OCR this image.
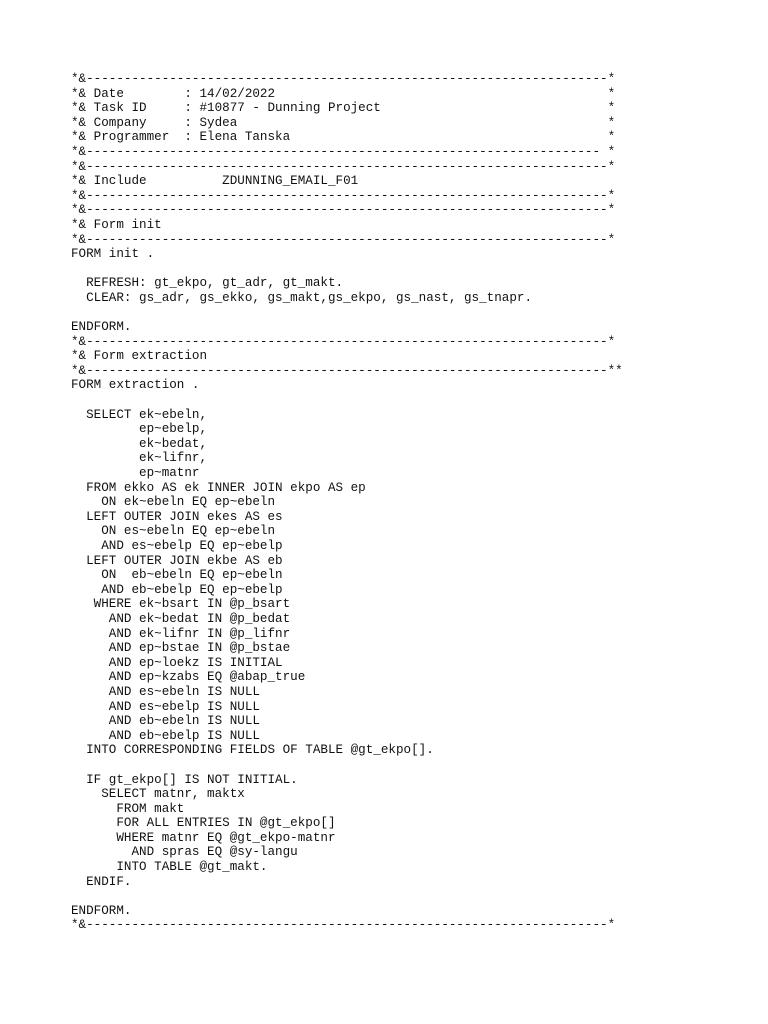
*&---------------------------------------------------------------------*
*& Date        : 14/02/2022                                            *
*& Task ID     : #10877 - Dunning Project                              *
*& Company     : Sydea                                                 *
*& Programmer  : Elena Tanska                                          *
*&-------------------------------------------------------------------- *
*&---------------------------------------------------------------------*
*& Include          ZDUNNING_EMAIL_F01
*&---------------------------------------------------------------------*
*&---------------------------------------------------------------------*
*& Form init
*&---------------------------------------------------------------------*
FORM init .
REFRESH: gt_ekpo, gt_adr, gt_makt.
CLEAR: gs_adr, gs_ekko, gs_makt,gs_ekpo, gs_nast, gs_tnapr.
ENDFORM.
*&---------------------------------------------------------------------*
*& Form extraction
*&---------------------------------------------------------------------**
FORM extraction .
SELECT ek~ebeln,
ep~ebelp,
ek~bedat,
ek~lifnr,
ep~matnr
FROM ekko AS ek INNER JOIN ekpo AS ep
ON ek~ebeln EQ ep~ebeln
LEFT OUTER JOIN ekes AS es
ON es~ebeln EQ ep~ebeln
AND es~ebelp EQ ep~ebelp
LEFT OUTER JOIN ekbe AS eb
ON  eb~ebeln EQ ep~ebeln
AND eb~ebelp EQ ep~ebelp
WHERE ek~bsart IN @p_bsart
AND ek~bedat IN @p_bedat
AND ek~lifnr IN @p_lifnr
AND ep~bstae IN @p_bstae
AND ep~loekz IS INITIAL
AND ep~kzabs EQ @abap_true
AND es~ebeln IS NULL
AND es~ebelp IS NULL
AND eb~ebeln IS NULL
AND eb~ebelp IS NULL
INTO CORRESPONDING FIELDS OF TABLE @gt_ekpo[].
IF gt_ekpo[] IS NOT INITIAL.
SELECT matnr, maktx
FROM makt
FOR ALL ENTRIES IN @gt_ekpo[]
WHERE matnr EQ @gt_ekpo-matnr
AND spras EQ @sy-langu
INTO TABLE @gt_makt.
ENDIF.
ENDFORM.
*&---------------------------------------------------------------------*
